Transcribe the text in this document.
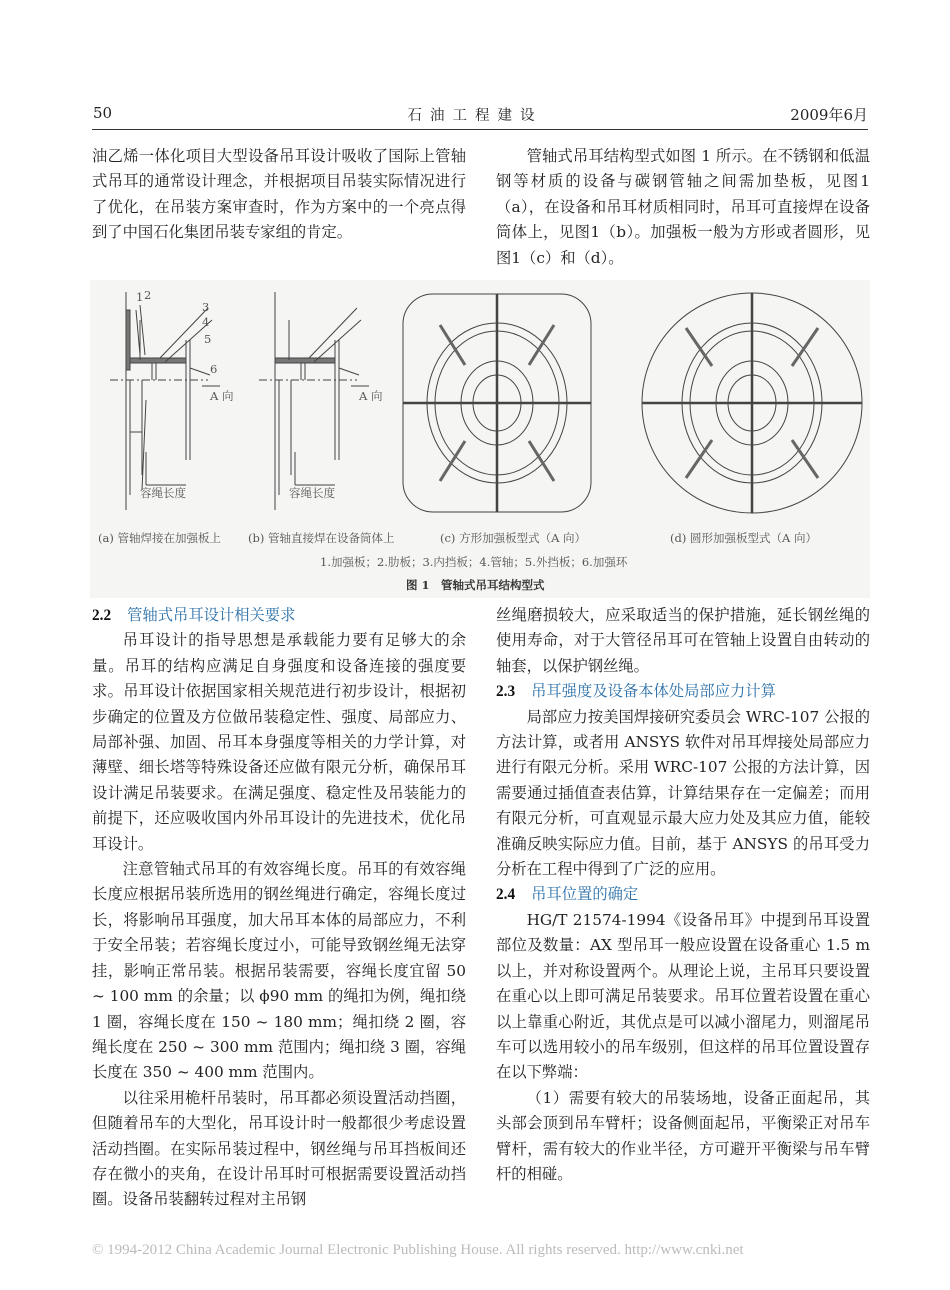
50	石油工程建设	2009年6月

油乙烯一体化项目大型设备吊耳设计吸收了国际上管轴式吊耳的通常设计理念，并根据项目吊装实际情况进行了优化，在吊装方案审查时，作为方案中的一个亮点得到了中国石化集团吊装专家组的肯定。

管轴式吊耳结构型式如图 1 所示。在不锈钢和低温钢等材质的设备与碳钢管轴之间需加垫板，见图1（a），在设备和吊耳材质相同时，吊耳可直接焊在设备筒体上，见图1（b）。加强板一般为方形或者圆形，见图1（c）和（d）。

1 2
3
4
5
6
A 向	A 向
容绳长度	容绳长度
(a) 管轴焊接在加强板上 (b) 管轴直接焊在设备筒体上	(c) 方形加强板型式（A 向）	(d) 圆形加强板型式（A 向）
1.加强板；2.肋板；3.内挡板；4.管轴；5.外挡板；6.加强环
图 1　管轴式吊耳结构型式

2.2 管轴式吊耳设计相关要求

吊耳设计的指导思想是承载能力要有足够大的余量。吊耳的结构应满足自身强度和设备连接的强度要求。吊耳设计依据国家相关规范进行初步设计，根据初步确定的位置及方位做吊装稳定性、强度、局部应力、局部补强、加固、吊耳本身强度等相关的力学计算，对薄壁、细长塔等特殊设备还应做有限元分析，确保吊耳设计满足吊装要求。在满足强度、稳定性及吊装能力的前提下，还应吸收国内外吊耳设计的先进技术，优化吊耳设计。

注意管轴式吊耳的有效容绳长度。吊耳的有效容绳长度应根据吊装所选用的钢丝绳进行确定，容绳长度过长，将影响吊耳强度，加大吊耳本体的局部应力，不利于安全吊装；若容绳长度过小，可能导致钢丝绳无法穿挂，影响正常吊装。根据吊装需要，容绳长度宜留 50 ~ 100 mm 的余量；以 ϕ90 mm 的绳扣为例，绳扣绕 1 圈，容绳长度在 150 ~ 180 mm；绳扣绕 2 圈，容绳长度在 250 ~ 300 mm 范围内；绳扣绕 3 圈，容绳长度在 350 ~ 400 mm 范围内。

以往采用桅杆吊装时，吊耳都必须设置活动挡圈，但随着吊车的大型化，吊耳设计时一般都很少考虑设置活动挡圈。在实际吊装过程中，钢丝绳与吊耳挡板间还存在微小的夹角，在设计吊耳时可根据需要设置活动挡圈。设备吊装翻转过程对主吊钢

丝绳磨损较大，应采取适当的保护措施，延长钢丝绳的使用寿命，对于大管径吊耳可在管轴上设置自由转动的轴套，以保护钢丝绳。

2.3 吊耳强度及设备本体处局部应力计算

局部应力按美国焊接研究委员会 WRC-107 公报的方法计算，或者用 ANSYS 软件对吊耳焊接处局部应力进行有限元分析。采用 WRC-107 公报的方法计算，因需要通过插值查表估算，计算结果存在一定偏差；而用有限元分析，可直观显示最大应力处及其应力值，能较准确反映实际应力值。目前，基于 ANSYS 的吊耳受力分析在工程中得到了广泛的应用。

2.4 吊耳位置的确定

HG/T 21574-1994《设备吊耳》中提到吊耳设置部位及数量：AX 型吊耳一般应设置在设备重心 1.5 m 以上，并对称设置两个。从理论上说，主吊耳只要设置在重心以上即可满足吊装要求。吊耳位置若设置在重心以上靠重心附近，其优点是可以减小溜尾力，则溜尾吊车可以选用较小的吊车级别，但这样的吊耳位置设置存在以下弊端：

（1）需要有较大的吊装场地，设备正面起吊，其头部会顶到吊车臂杆；设备侧面起吊，平衡梁正对吊车臂杆，需有较大的作业半径，方可避开平衡梁与吊车臂杆的相碰。

© 1994-2012 China Academic Journal Electronic Publishing House. All rights reserved. http://www.cnki.net
